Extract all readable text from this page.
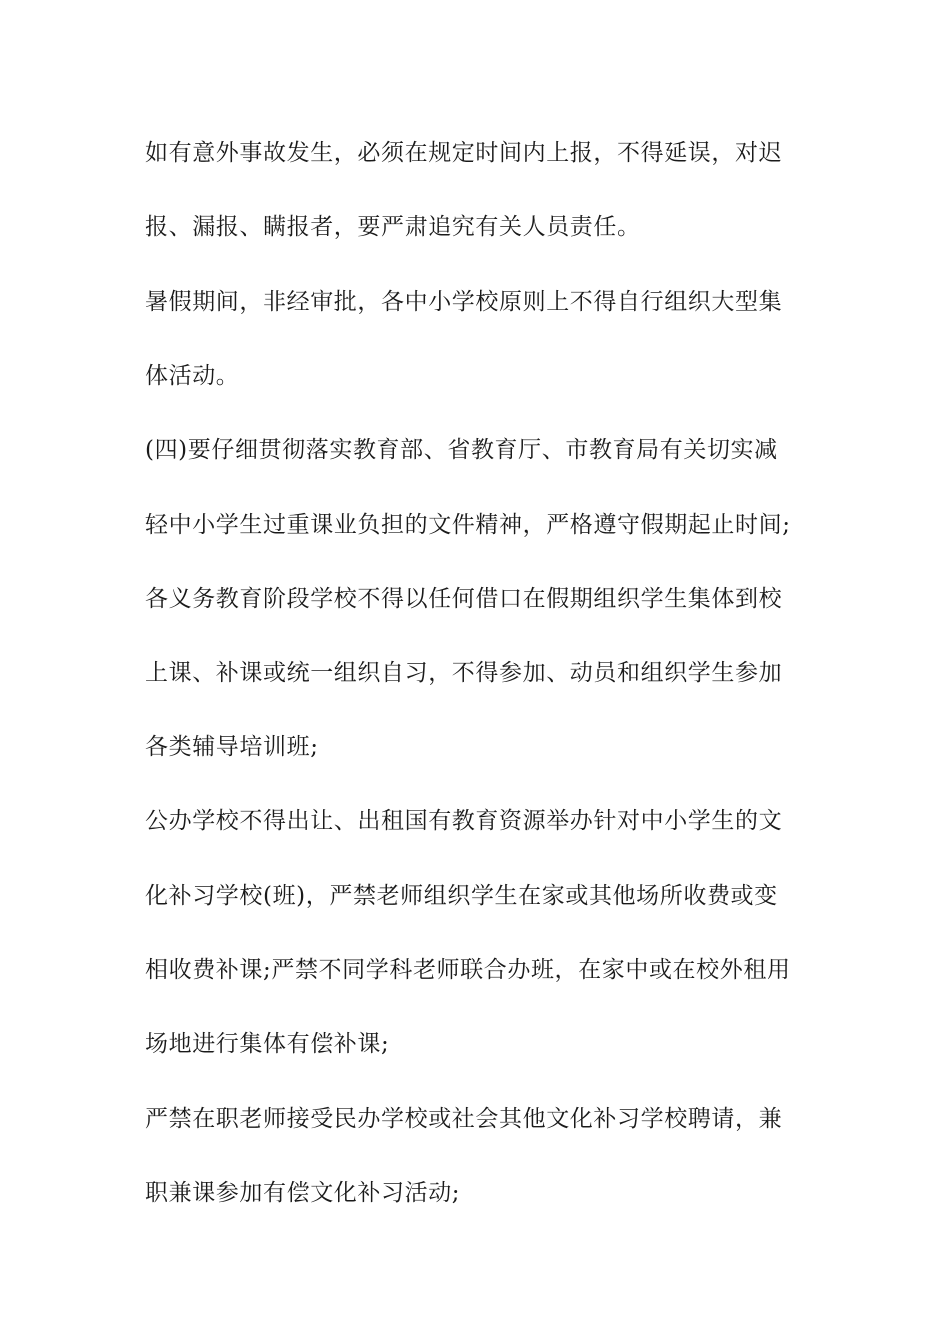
如有意外事故发生，必须在规定时间内上报，不得延误，对迟
报、漏报、瞒报者，要严肃追究有关人员责任。
暑假期间，非经审批，各中小学校原则上不得自行组织大型集
体活动。
(四)要仔细贯彻落实教育部、省教育厅、市教育局有关切实减
轻中小学生过重课业负担的文件精神，严格遵守假期起止时间;
各义务教育阶段学校不得以任何借口在假期组织学生集体到校
上课、补课或统一组织自习，不得参加、动员和组织学生参加
各类辅导培训班;
公办学校不得出让、出租国有教育资源举办针对中小学生的文
化补习学校(班)，严禁老师组织学生在家或其他场所收费或变
相收费补课;严禁不同学科老师联合办班，在家中或在校外租用
场地进行集体有偿补课;
严禁在职老师接受民办学校或社会其他文化补习学校聘请，兼
职兼课参加有偿文化补习活动;
